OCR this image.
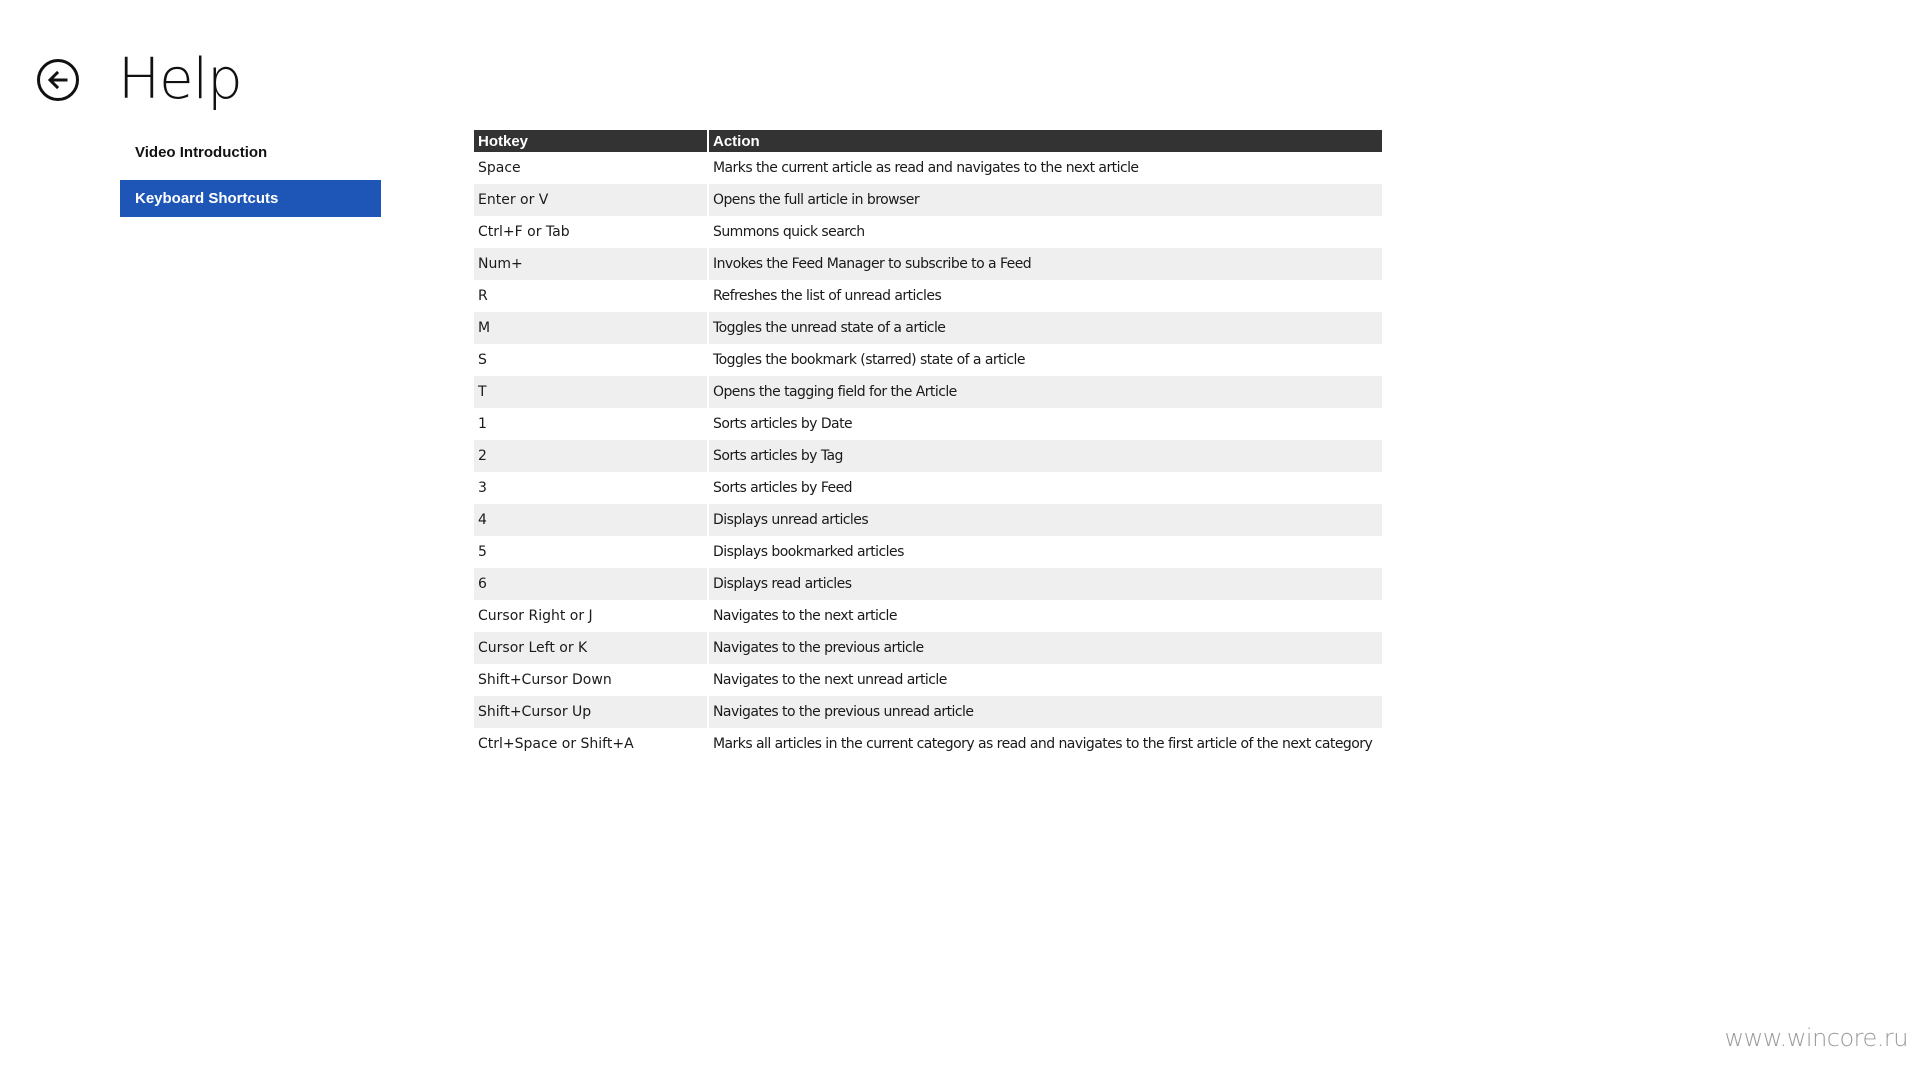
Help
Video Introduction
Keyboard Shortcuts
Hotkey	Action
Space	Marks the current article as read and navigates to the next article
Enter or V	Opens the full article in browser
Ctrl+F or Tab	Summons quick search
Num+	Invokes the Feed Manager to subscribe to a Feed
R	Refreshes the list of unread articles
M	Toggles the unread state of a article
S	Toggles the bookmark (starred) state of a article
T	Opens the tagging field for the Article
1	Sorts articles by Date
2	Sorts articles by Tag
3	Sorts articles by Feed
4	Displays unread articles
5	Displays bookmarked articles
6	Displays read articles
Cursor Right or J	Navigates to the next article
Cursor Left or K	Navigates to the previous article
Shift+Cursor Down	Navigates to the next unread article
Shift+Cursor Up	Navigates to the previous unread article
Ctrl+Space or Shift+A	Marks all articles in the current category as read and navigates to the first article of the next category
www.wincore.ru
